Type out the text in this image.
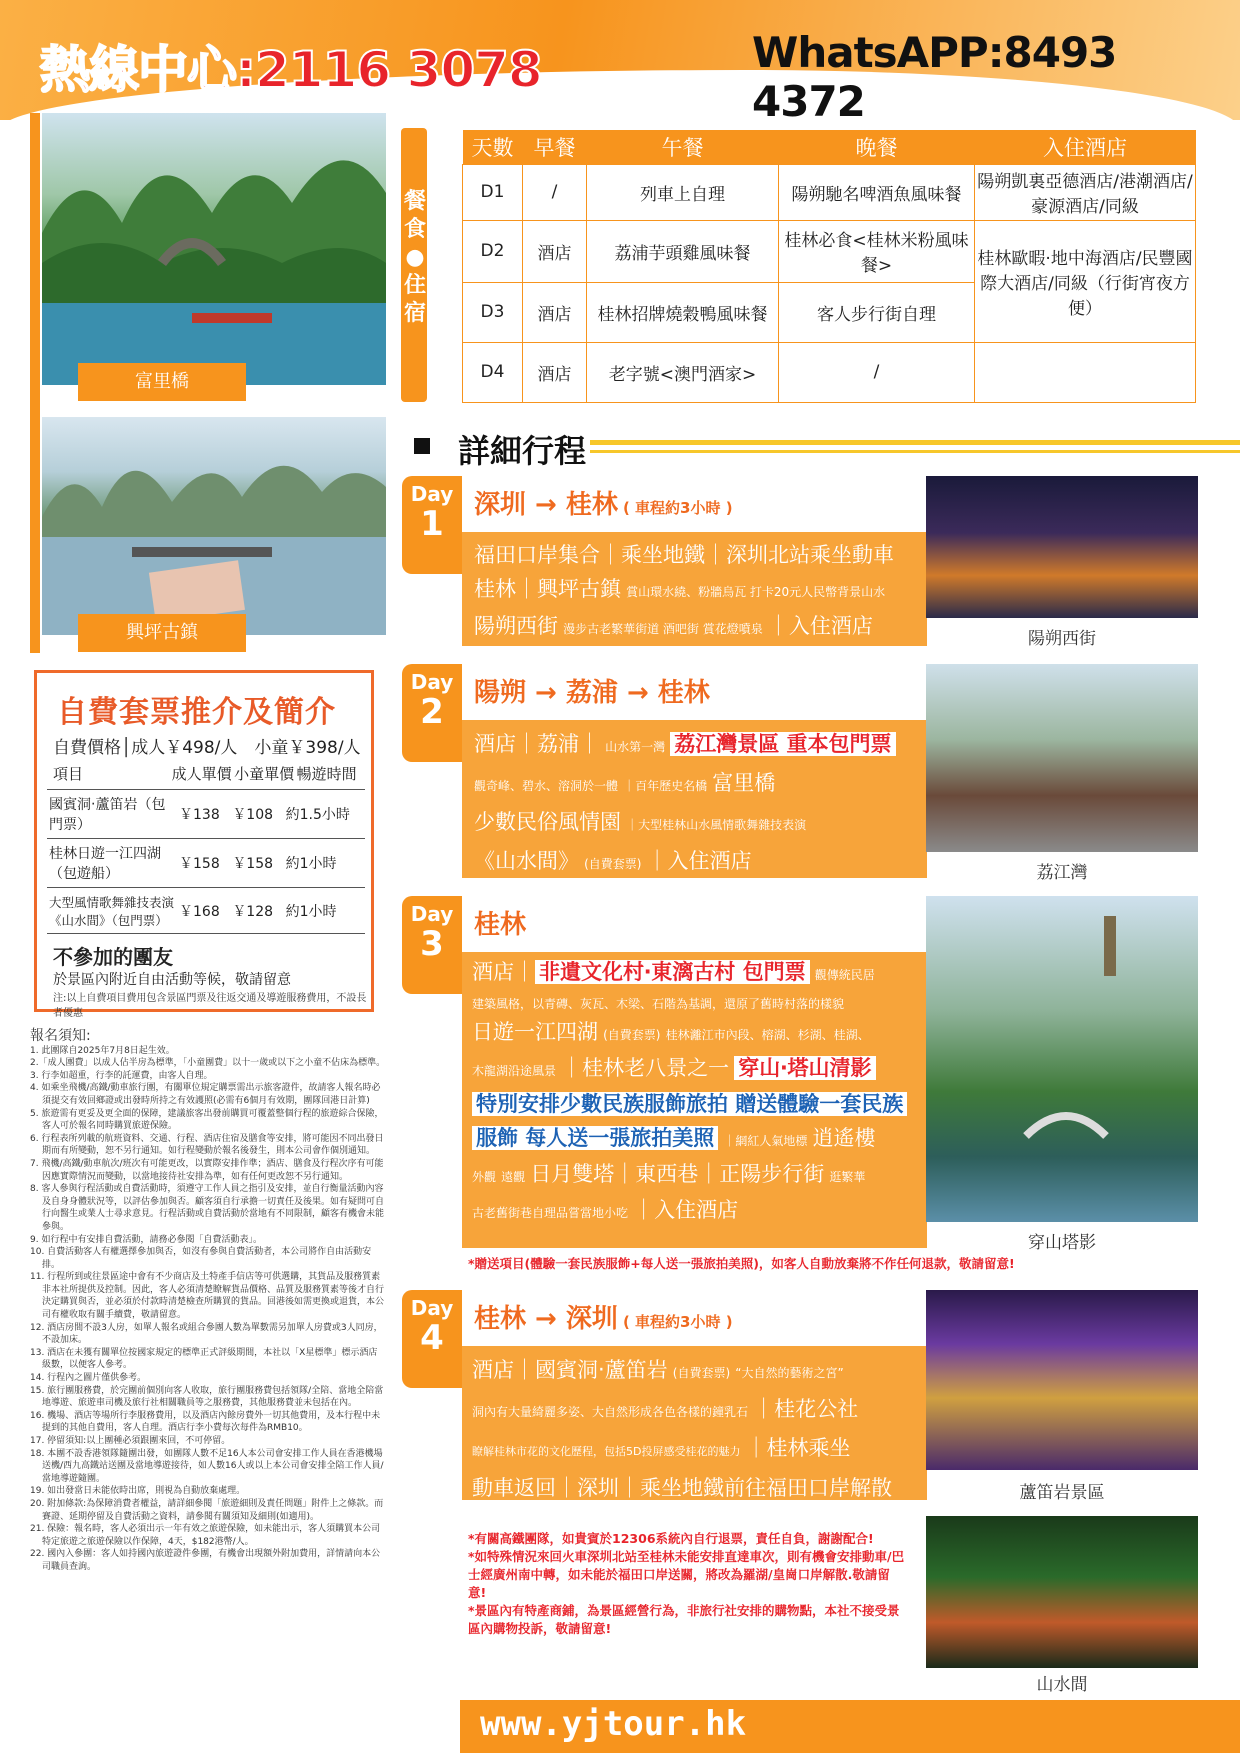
熱線中心:2116 3078	WhatsAPP:8493 4372
富里橋
興坪古鎮
自費套票推介及簡介
自費價格│成人￥498/人　小童￥398/人
項目	成人單價 小童單價 暢遊時間
國賓洞‧蘆笛岩（包門票）	￥138	￥108	約1.5小時
桂林日遊一江四湖（包遊船）	￥158	￥158	約1小時
大型風情歌舞雜技表演《山水間》（包門票）	￥168	￥128	約1小時
不參加的團友
於景區內附近自由活動等候，敬請留意
注:以上自費項目費用包含景區門票及往返交通及導遊服務費用，不設長者優惠
報名須知:
1. 此團隊自2025年7月8日起生效。
2.「成人團費」以成人佔半房為標準，「小童團費」以十一歲或以下之小童不佔床為標準。
3. 行李如超重，行李的託運費，由客人自理。
4. 如乘坐飛機/高鐵/動車旅行團，有關單位規定購票需出示旅客證件，故請客人報名時必須提交有效回鄉證或出發時所持之有效護照(必需有6個月有效期，團隊回港日計算)
5. 旅遊需有更妥及更全面的保障，建議旅客出發前購買可覆蓋整個行程的旅遊綜合保險，客人可於報名同時購買旅遊保險。
6. 行程表所列載的航班資料、交通、行程、酒店住宿及膳食等安排，將可能因不同出發日期而有所變動，恕不另行通知。如行程變動於報名後發生，則本公司會作個別通知。
7. 飛機/高鐵/動車航次/班次有可能更改，以實際安排作準；酒店、膳食及行程次序有可能因應實際情況而變動，以當地接待社安排為準，如有任何更改恕不另行通知。
8. 客人參與行程活動或自費活動時，須遵守工作人員之指引及安排，並自行衡量活動內容及自身身體狀況等，以評估參加與否。顧客須自行承擔一切責任及後果。如有疑問可自行向醫生或業人士尋求意見。行程活動或自費活動於當地有不同限制，顧客有機會未能參與。
9. 如行程中有安排自費活動，請務必參閱「自費活動表」。
10. 自費活動客人有權選擇參加與否，如沒有參與自費活動者，本公司將作自由活動安排。
11. 行程所到或往景區途中會有不少商店及土特產手信店等可供選購，其貨品及服務質素非本社所提供及控制。因此，客人必須清楚瞭解貨品價格、品質及服務質素等後才自行決定購買與否，並必須於付款時清楚檢查所購買的貨品。回港後如需更換或退貨，本公司有權收取有關手續費，敬請留意。
12. 酒店房間不設3人房，如單人報名或組合參團人數為單數需另加單人房費或3人同房，不設加床。
13. 酒店在未獲有關單位按國家規定的標準正式評級期間，本社以「X星標準」標示酒店級數，以便客人參考。
14. 行程內之圖片僅供參考。
15. 旅行團服務費，於完團前個別向客人收取，旅行團服務費包括領隊/全陪、當地全陪當地導遊、旅遊車司機及旅行社相關職員等之服務費，其他服務費並未包括在內。
16. 機場、酒店等場所行李服務費用，以及酒店內餘房費外一切其他費用，及本行程中未提到的其他自費用，客人自理。酒店行李小費每次每件為RMB10。
17. 停留須知:以上團種必須跟團來回，不可停留。
18. 本團不設香港領隊隨團出發，如團隊人數不足16人本公司會安排工作人員在香港機場送機/西九高鐵站送團及當地導遊接待，如人數16人或以上本公司會安排全陪工作人員/當地導遊隨團。
19. 如出發當日未能依時出席，則視為自動放棄處理。
20. 附加條款:為保障消費者權益，請詳細參閱「旅遊細則及責任問題」附件上之條款。而賽證、延期停留及自費活動之資料，請參閱有關須知及細則(如適用)。
21. 保險：報名時，客人必須出示一年有效之旅遊保險，如未能出示，客人須購買本公司特定旅遊之旅遊保險以作保障，4天，$182港幣/人。
22. 國內入參團：客人如持國內旅遊證件參團，有機會出現額外附加費用，詳情請向本公司職員查詢。
餐食●住宿
天數	早餐	午餐	晚餐	入住酒店
D1	/	列車上自理	陽朔馳名啤酒魚風味餐	陽朔凱裏亞德酒店/港潮酒店/豪源酒店/同級
D2	酒店	荔浦芋頭雞風味餐	桂林必食<桂林米粉風味餐>	桂林歐暇‧地中海酒店/民豐國際大酒店/同級（行街宵夜方便）
D3	酒店	桂林招牌燒穀鴨風味餐	客人步行街自理	
D4	酒店	老字號<澳門酒家>	/	
詳細行程
Day
1	深圳 → 桂林 ( 車程約3小時 )
福田口岸集合｜乘坐地鐵｜深圳北站乘坐動車
桂林｜興坪古鎮 賞山環水繞、粉牆烏瓦 打卡20元人民幣背景山水
陽朔西街 漫步古老繁華街道 酒吧街 賞花燈噴泉 ｜入住酒店
陽朔西街
Day
2	陽朔 → 荔浦 → 桂林
酒店｜荔浦｜ 山水第一灣 荔江灣景區 重本包門票
觀奇峰、碧水、溶洞於一體 ｜百年歷史名橋 富里橋
少數民俗風情園 ｜大型桂林山水風情歌舞雜技表演
《山水間》 (自費套票) ｜入住酒店	荔江灣
Day
3	桂林
酒店｜ 非遺文化村‧東漓古村 包門票 觀傳統民居
建築風格，以青磚、灰瓦、木梁、石階為基調，還原了舊時村落的樣貌
日遊一江四湖 (自費套票) 桂林灕江市內段、榕湖、杉湖、桂湖、
木龍湖沿途風景 ｜桂林老八景之一 穿山‧塔山清影
特別安排少數民族服飾旅拍 贈送體驗一套民族
服飾 每人送一張旅拍美照 ｜網紅人氣地標 逍遙樓
外觀 遠觀 日月雙塔｜東西巷｜正陽步行街 逛繁華
古老舊街巷自理品嘗當地小吃 ｜入住酒店
穿山塔影
*贈送項目(體驗一套民族服飾+每人送一張旅拍美照)，如客人自動放棄將不作任何退款，敬請留意!
Day
4	桂林 → 深圳 ( 車程約3小時 )
酒店｜國賓洞‧蘆笛岩 (自費套票) “大自然的藝術之宮”
洞內有大量綺麗多姿、大自然形成各色各樣的鐘乳石 ｜桂花公社
瞭解桂林市花的文化歷程，包括5D投屏感受桂花的魅力 ｜桂林乘坐
動車返回｜深圳｜乘坐地鐵前往福田口岸解散	蘆笛岩景區
*有關高鐵團隊，如貴賓於12306系統內自行退票，責任自負，謝謝配合!
*如特殊情況來回火車深圳北站至桂林未能安排直達車次，則有機會安排動車/巴士經廣州南中轉，如未能於福田口岸送關，將改為羅湖/皇崗口岸解散.敬請留意!
*景區內有特產商鋪，為景區經營行為，非旅行社安排的購物點，本社不接受景區內購物投訴，敬請留意!
山水間
www.yjtour.hk
